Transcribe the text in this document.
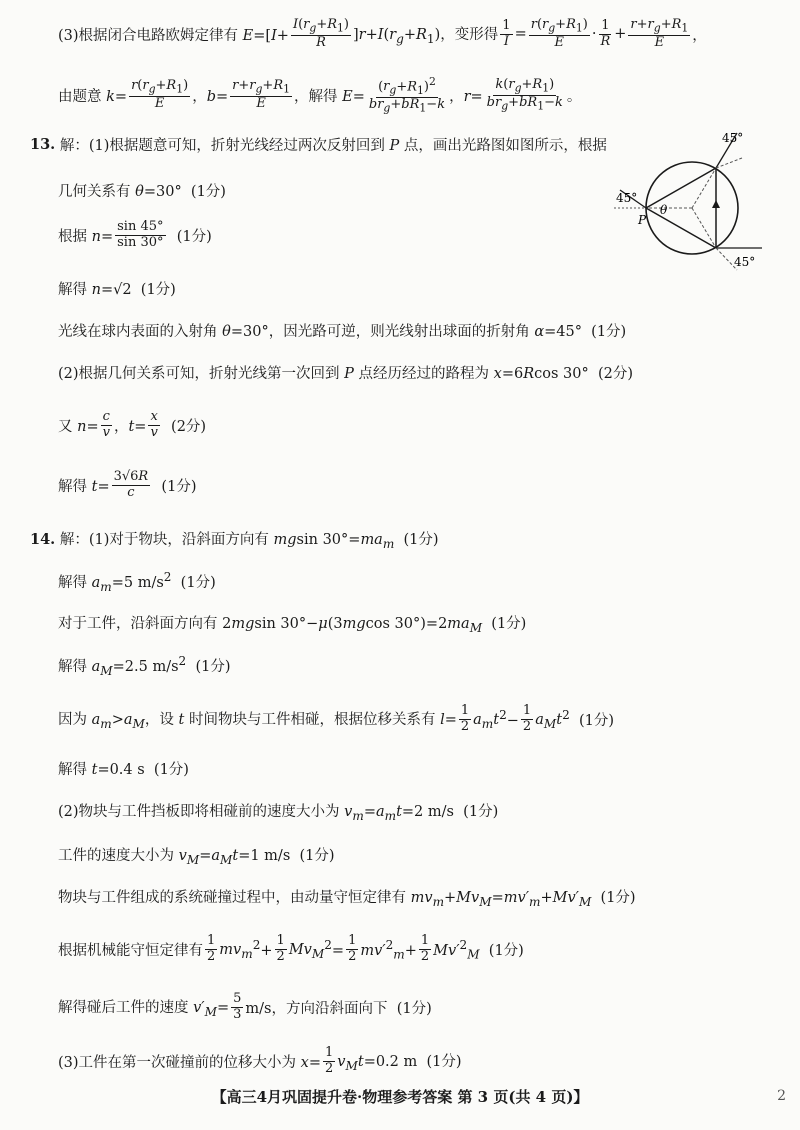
(3)根据闭合电路欧姆定律有 $E=[I+ \frac{I(r_g+R_1)}{R} ]r+I(r_g+R_1)$，变形得 $\frac{1}{I} = \frac{r(r_g+R_1)}{E} \cdot \frac{1}{R} + \frac{r+r_g+R_1}{E}$ ，
由题意 $k= \frac{r(r_g+R_1)}{E}$ ，$b= \frac{r+r_g+R_1}{E}$ ，解得 $E= \frac{(r_g+R_1)^2}{br_g+bR_1-k}$ ，$r= \frac{k(r_g+R_1)}{br_g+bR_1-k}$ 。
13. 解：(1)根据题意可知，折射光线经过两次反射回到 P 点，画出光路图如图所示，根据
几何关系有 θ=30°  (1分)
根据 $n= \frac{\sin 45^\circ}{\sin 30^\circ} (1$分)
解得 n=√2  (1分)
光线在球内表面的入射角 θ=30°，因光路可逆，则光线射出球面的折射角 α=45°  (1分)
(2)根据几何关系可知，折射光线第一次回到 P 点经历经过的路程为 x=6Rcos 30°  (2分)
又 $n= \frac{c}{v}$ ，$t= \frac{x}{v} (2$分)
解得 $t= \frac{3√6R}{c} (1$分)
45°
45°
45°
P
θ
14. 解：(1)对于物块，沿斜面方向有 mgsin $30^\circ=ma_m$  (1分)
解得 $a_m=5$ $m/s^2$  (1分)
对于工件，沿斜面方向有 2mgsin 30°−μ(3mgcos $30^\circ)=2ma_M$  (1分)
解得 $a_M=2.5$ $m/s^2$  (1分)
因为 $a_m>a_M$，设 t 时间物块与工件相碰，根据位移关系有 $l= \frac{1}{2} a_mt^2- \frac{1}{2} a_Mt^2$  (1分)
解得 t=0.4 s  (1分)
(2)物块与工件挡板即将相碰前的速度大小为 $v_m=a_mt=2$ m/s  (1分)
工件的速度大小为 $v_M=a_Mt=1$ m/s  (1分)
物块与工件组成的系统碰撞过程中，由动量守恒定律有 $mv_m+Mv_M=mv'_m+Mv'_M$  (1分)
根据机械能守恒定律有 $\frac{1}{2} mv_m^2+ \frac{1}{2} Mv_M^2= \frac{1}{2} mv'^2_m+ \frac{1}{2} Mv'^2_M$  (1分)
解得碰后工件的速度 $v'_M= \frac{5}{3} m/s$，方向沿斜面向下  (1分)
(3)工件在第一次碰撞前的位移大小为 $x= \frac{1}{2} v_Mt=0.2$ m  (1分)
【高三4月巩固提升卷·物理参考答案 第 3 页(共 4 页)】	2
